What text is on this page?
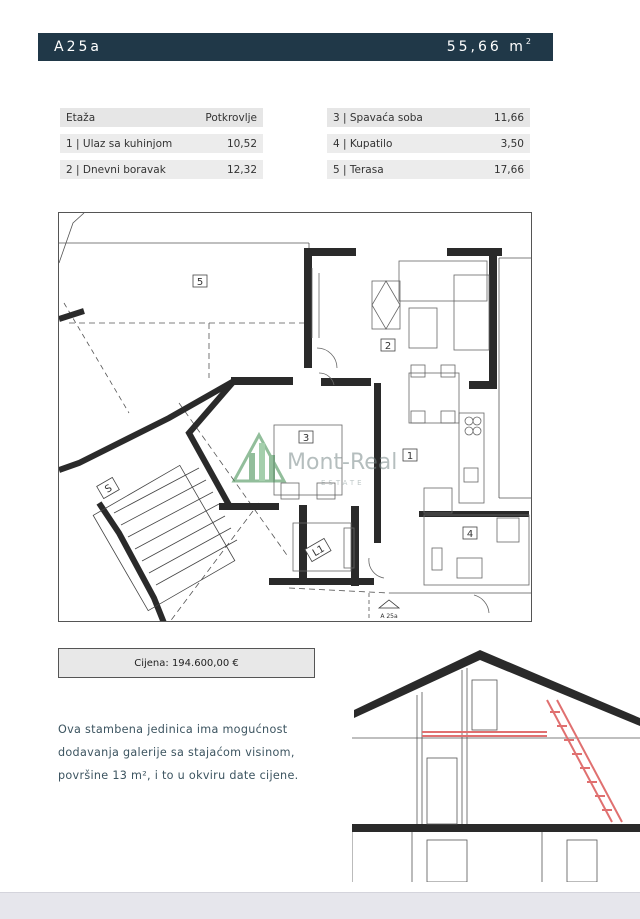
A25a	55,66 $m^2$
Etaža	Potkrovlje
1 | Ulaz sa kuhinjom	10,52
2 | Dnevni boravak	12,32
3 | Spavaća soba	11,66
4 | Kupatilo	3,50
5 | Terasa	17,66
5
2
3
1
4
S
L1
Mont-Real
ESTATE
A 25a
Cijena: 194.600,00 €
Ova stambena jedinica ima mogućnost
dodavanja galerije sa stajaćom visinom,
površine 13 m², i to u okviru date cijene.
